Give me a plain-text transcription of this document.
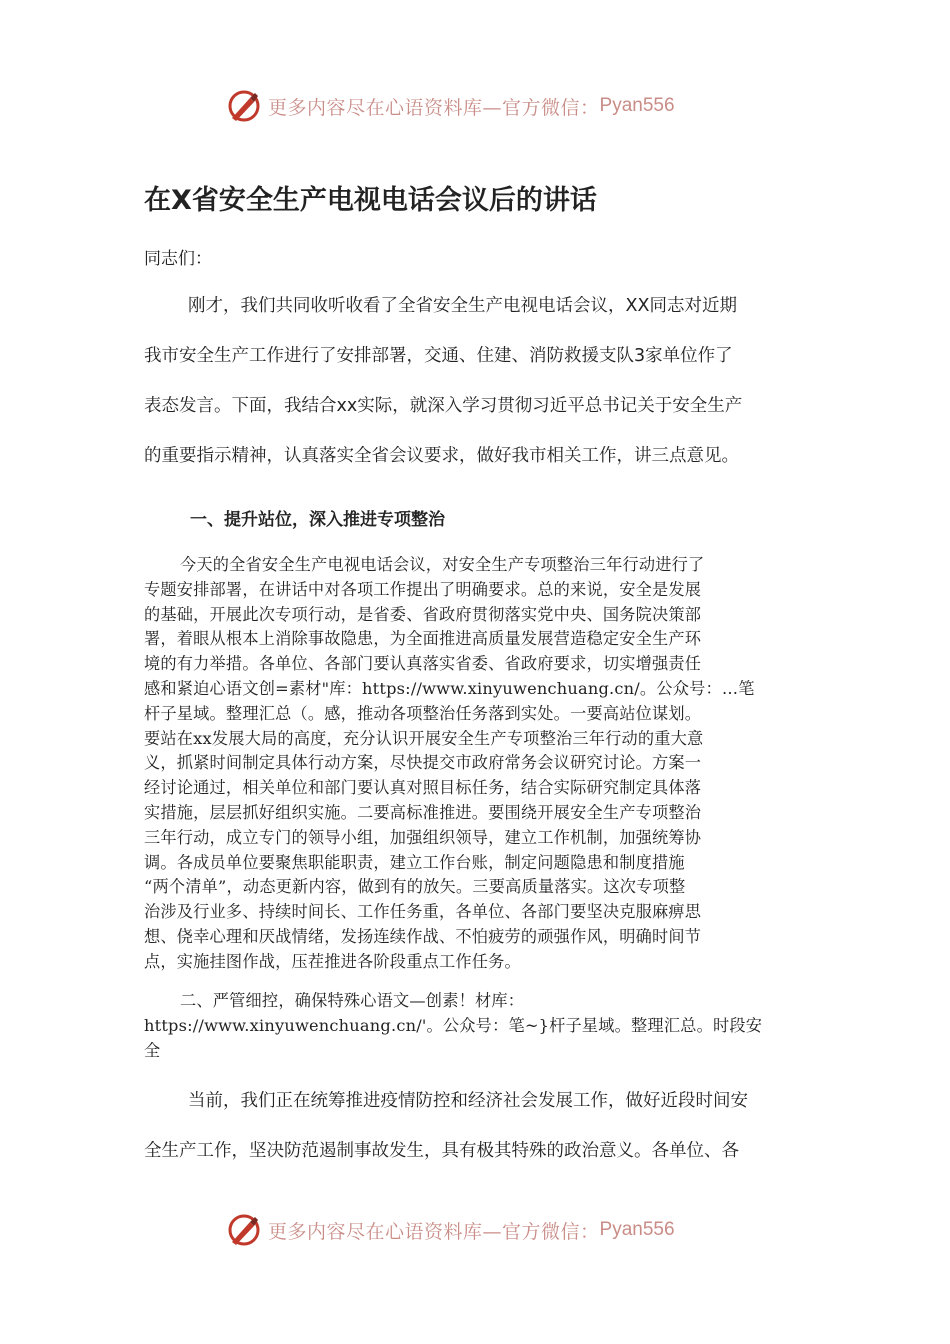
更多内容尽在心语资料库—官方微信： Pyan556
在X省安全生产电视电话会议后的讲话

同志们：

刚才，我们共同收听收看了全省安全生产电视电话会议，XX同志对近期
我市安全生产工作进行了安排部署，交通、住建、消防救援支队3家单位作了
表态发言。下面，我结合xx实际，就深入学习贯彻习近平总书记关于安全生产
的重要指示精神，认真落实全省会议要求，做好我市相关工作，讲三点意见。
一、提升站位，深入推进专项整治
今天的全省安全生产电视电话会议，对安全生产专项整治三年行动进行了
专题安排部署，在讲话中对各项工作提出了明确要求。总的来说，安全是发展
的基础，开展此次专项行动，是省委、省政府贯彻落实党中央、国务院决策部
署，着眼从根本上消除事故隐患，为全面推进高质量发展营造稳定安全生产环
境的有力举措。各单位、各部门要认真落实省委、省政府要求，切实增强责任
感和紧迫心语文创=素材"库：https://www.xinyuwenchuang.cn/。公众号：…笔
杆子星域。整理汇总（。感，推动各项整治任务落到实处。一要高站位谋划。
要站在xx发展大局的高度，充分认识开展安全生产专项整治三年行动的重大意
义，抓紧时间制定具体行动方案，尽快提交市政府常务会议研究讨论。方案一
经讨论通过，相关单位和部门要认真对照目标任务，结合实际研究制定具体落
实措施，层层抓好组织实施。二要高标准推进。要围绕开展安全生产专项整治
三年行动，成立专门的领导小组，加强组织领导，建立工作机制，加强统筹协
调。各成员单位要聚焦职能职责，建立工作台账，制定问题隐患和制度措施
“两个清单”，动态更新内容，做到有的放矢。三要高质量落实。这次专项整
治涉及行业多、持续时间长、工作任务重，各单位、各部门要坚决克服麻痹思
想、侥幸心理和厌战情绪，发扬连续作战、不怕疲劳的顽强作风，明确时间节
点，实施挂图作战，压茬推进各阶段重点工作任务。
二、严管细控，确保特殊心语文—创素！材库：
https://www.xinyuwenchuang.cn/'。公众号：笔~}杆子星域。整理汇总。时段安
全
当前，我们正在统筹推进疫情防控和经济社会发展工作，做好近段时间安
全生产工作，坚决防范遏制事故发生，具有极其特殊的政治意义。各单位、各
更多内容尽在心语资料库—官方微信： Pyan556
